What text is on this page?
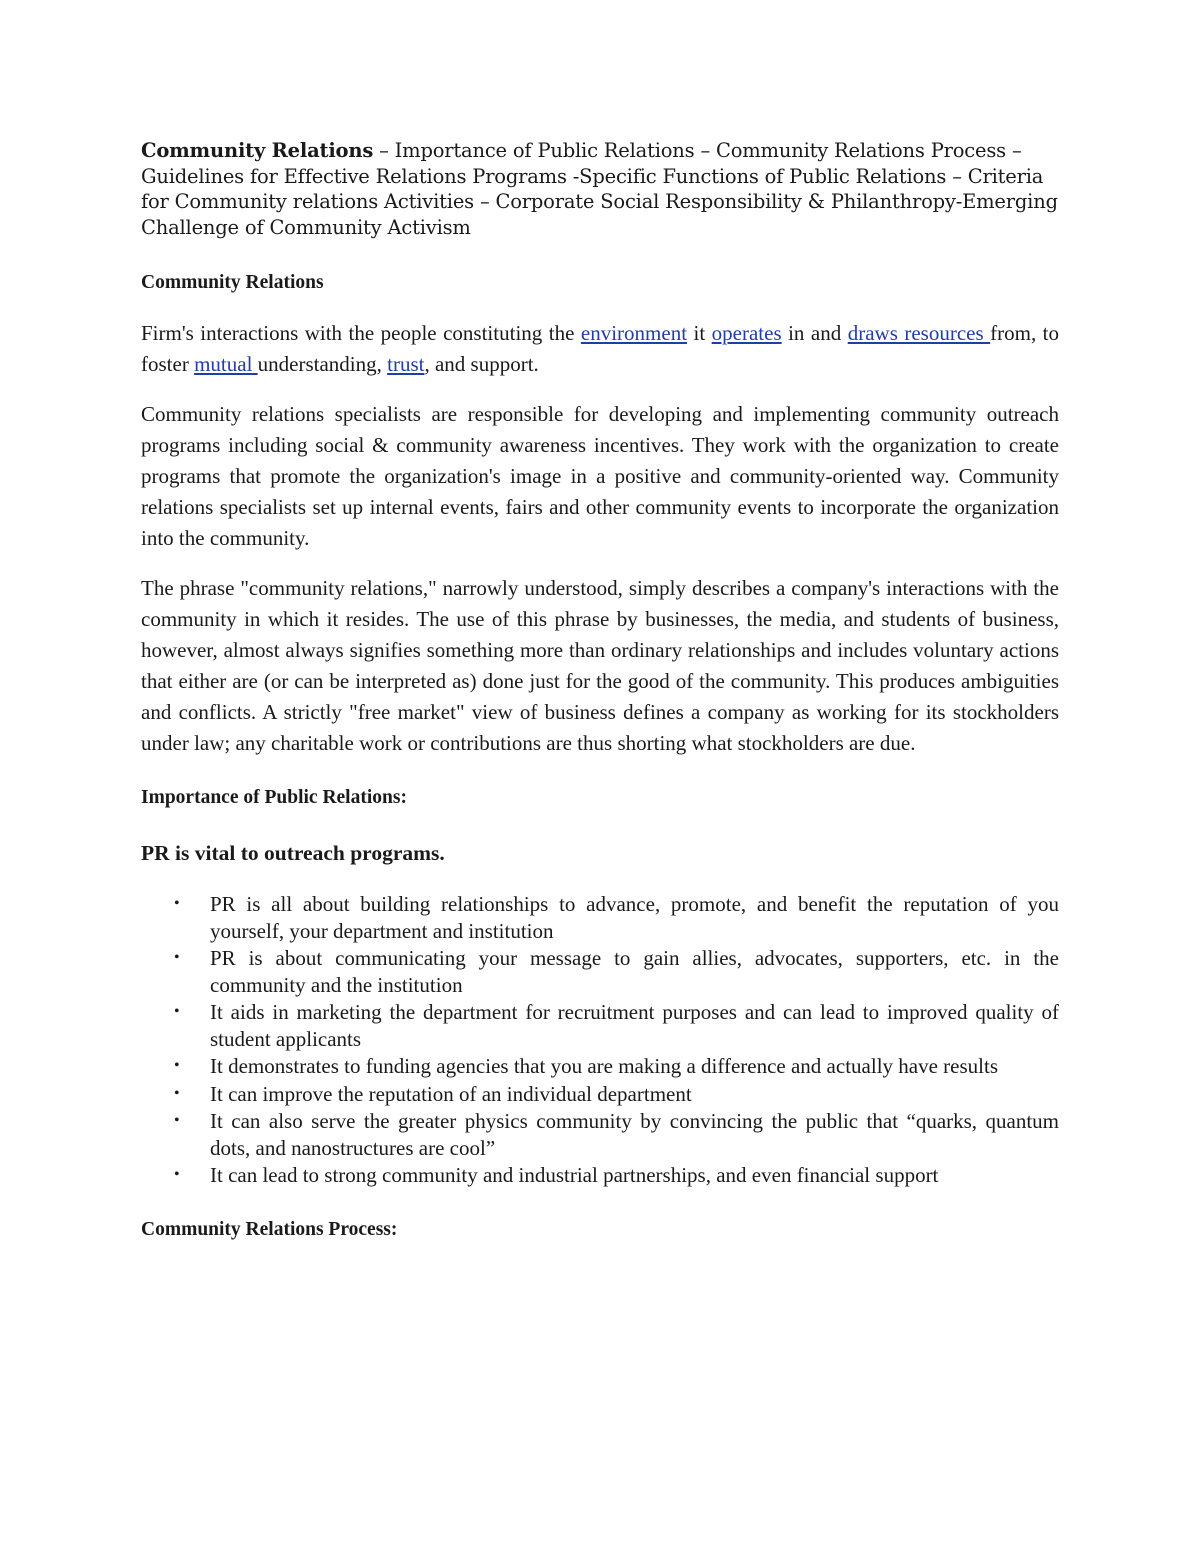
Community Relations – Importance of Public Relations – Community Relations Process – Guidelines for Effective Relations Programs -Specific Functions of Public Relations – Criteria for Community relations Activities – Corporate Social Responsibility & Philanthropy-Emerging Challenge of Community Activism

Community Relations

Firm's interactions with the people constituting the environment it operates in and draws resources from, to foster mutual understanding, trust, and support.

Community relations specialists are responsible for developing and implementing community outreach programs including social & community awareness incentives. They work with the organization to create programs that promote the organization's image in a positive and community-oriented way. Community relations specialists set up internal events, fairs and other community events to incorporate the organization into the community.

The phrase "community relations," narrowly understood, simply describes a company's interactions with the community in which it resides. The use of this phrase by businesses, the media, and students of business, however, almost always signifies something more than ordinary relationships and includes voluntary actions that either are (or can be interpreted as) done just for the good of the community. This produces ambiguities and conflicts. A strictly "free market" view of business defines a company as working for its stockholders under law; any charitable work or contributions are thus shorting what stockholders are due.

Importance of Public Relations:

PR is vital to outreach programs.

• PR is all about building relationships to advance, promote, and benefit the reputation of you yourself, your department and institution
• PR is about communicating your message to gain allies, advocates, supporters, etc. in the community and the institution
• It aids in marketing the department for recruitment purposes and can lead to improved quality of student applicants
• It demonstrates to funding agencies that you are making a difference and actually have results
• It can improve the reputation of an individual department
• It can also serve the greater physics community by convincing the public that “quarks, quantum dots, and nanostructures are cool”
• It can lead to strong community and industrial partnerships, and even financial support

Community Relations Process:
